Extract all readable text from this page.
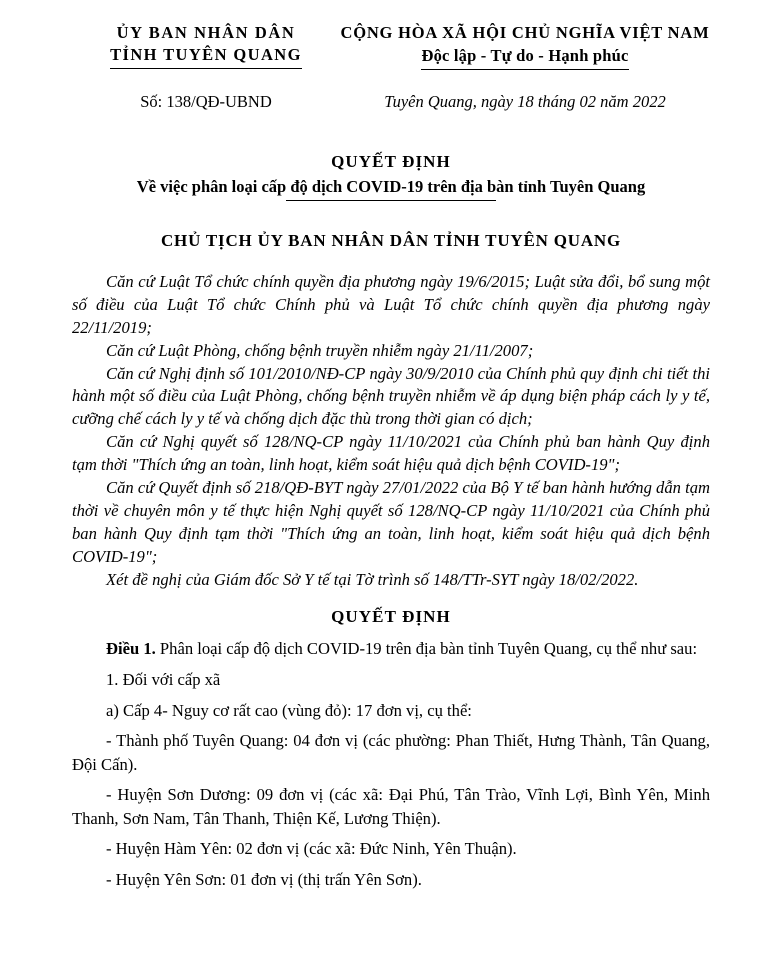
ỦY BAN NHÂN DÂN
TỈNH TUYÊN QUANG
CỘNG HÒA XÃ HỘI CHỦ NGHĨA VIỆT NAM
Độc lập - Tự do - Hạnh phúc
Số: 138/QĐ-UBND	Tuyên Quang, ngày 18 tháng 02 năm 2022
QUYẾT ĐỊNH
Về việc phân loại cấp độ dịch COVID-19 trên địa bàn tỉnh Tuyên Quang
CHỦ TỊCH ỦY BAN NHÂN DÂN TỈNH TUYÊN QUANG

Căn cứ Luật Tổ chức chính quyền địa phương ngày 19/6/2015; Luật sửa đổi, bổ sung một số điều của Luật Tổ chức Chính phủ và Luật Tổ chức chính quyền địa phương ngày 22/11/2019;

Căn cứ Luật Phòng, chống bệnh truyền nhiễm ngày 21/11/2007;

Căn cứ Nghị định số 101/2010/NĐ-CP ngày 30/9/2010 của Chính phủ quy định chi tiết thi hành một số điều của Luật Phòng, chống bệnh truyền nhiễm về áp dụng biện pháp cách ly y tế, cưỡng chế cách ly y tế và chống dịch đặc thù trong thời gian có dịch;

Căn cứ Nghị quyết số 128/NQ-CP ngày 11/10/2021 của Chính phủ ban hành Quy định tạm thời "Thích ứng an toàn, linh hoạt, kiểm soát hiệu quả dịch bệnh COVID-19";

Căn cứ Quyết định số 218/QĐ-BYT ngày 27/01/2022 của Bộ Y tế ban hành hướng dẫn tạm thời về chuyên môn y tế thực hiện Nghị quyết số 128/NQ-CP ngày 11/10/2021 của Chính phủ ban hành Quy định tạm thời "Thích ứng an toàn, linh hoạt, kiểm soát hiệu quả dịch bệnh COVID-19";

Xét đề nghị của Giám đốc Sở Y tế tại Tờ trình số 148/TTr-SYT ngày 18/02/2022.

QUYẾT ĐỊNH

Điều 1. Phân loại cấp độ dịch COVID-19 trên địa bàn tỉnh Tuyên Quang, cụ thể như sau:

1. Đối với cấp xã

a) Cấp 4- Nguy cơ rất cao (vùng đỏ): 17 đơn vị, cụ thể:

- Thành phố Tuyên Quang: 04 đơn vị (các phường: Phan Thiết, Hưng Thành, Tân Quang, Đội Cấn).

- Huyện Sơn Dương: 09 đơn vị (các xã: Đại Phú, Tân Trào, Vĩnh Lợi, Bình Yên, Minh Thanh, Sơn Nam, Tân Thanh, Thiện Kế, Lương Thiện).

- Huyện Hàm Yên: 02 đơn vị (các xã: Đức Ninh, Yên Thuận).

- Huyện Yên Sơn: 01 đơn vị (thị trấn Yên Sơn).
